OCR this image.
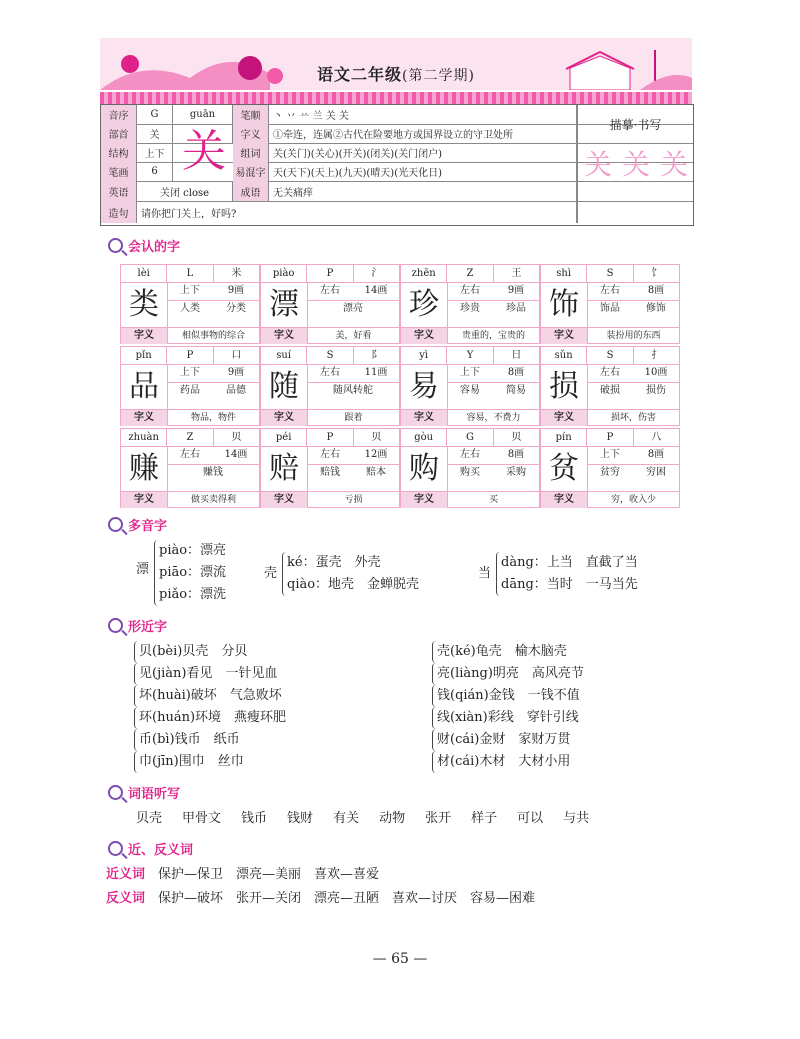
语文二年级(第二学期)
音序	G	guān	笔顺	丶 丷 䒑 兰 关 关
部首	关	字义	①牵连，连属②古代在险要地方或国界设立的守卫处所
结构	上下	组词	关(关门)(关心)(开关)(闭关)(关门闭户)
笔画	6	易混字 天(天下)(天上)(九天)(晴天)(光天化日)
英语	关闭 close	成语	无关痛痒
造句	请你把门关上，好吗?
描摹·书写
关 关 关
关
会认的字
lèi	L	米
类	上下	9画
人类	分类
字义	相似事物的综合
piào	P	氵
漂	左右	14画
漂亮
字义	美，好看
zhēn	Z	王
珍	左右	9画
珍贵	珍品
字义	贵重的，宝贵的
shì	S	饣
饰	左右	8画
饰品	修饰
字义	装扮用的东西
pǐn	P	口
品	上下	9画
药品	品德
字义	物品，物件
suí	S	阝
随	左右	11画
随风转舵
字义	跟着
yì	Y	日
易	上下	8画
容易	简易
字义	容易，不费力
sǔn	S	扌
损	左右	10画
破损	损伤
字义	损坏，伤害
zhuàn	Z	贝
赚	左右	14画
赚钱
字义	做买卖得利
péi	P	贝
赔	左右	12画
赔钱	赔本
字义	亏损
gòu	G	贝
购	左右	8画
购买	采购
字义	买
pín	P	八
贫	上下	8画
贫穷	穷困
字义	穷，收入少
多音字
漂
piào：漂亮
piāo：漂流
piǎo：漂洗
壳
ké：蛋壳　外壳
qiào：地壳　金蝉脱壳
当
dàng：上当　直截了当
dāng：当时　一马当先
形近字
贝(bèi)贝壳　分贝
见(jiàn)看见　一针见血
坏(huài)破坏　气急败坏
环(huán)环境　燕瘦环肥
币(bì)钱币　纸币
巾(jīn)围巾　丝巾
壳(ké)龟壳　榆木脑壳
亮(liàng)明亮　高风亮节
钱(qián)金钱　一钱不值
线(xiàn)彩线　穿针引线
财(cái)金财　家财万贯
材(cái)木材　大材小用
词语听写
贝壳 甲骨文 钱币 钱财 有关 动物 张开 样子 可以 与共
近、反义词
近义词　 保护—保卫　漂亮—美丽　喜欢—喜爱
反义词　 保护—破坏　张开—关闭　漂亮—丑陋　喜欢—讨厌　容易—困难
— 65 —
